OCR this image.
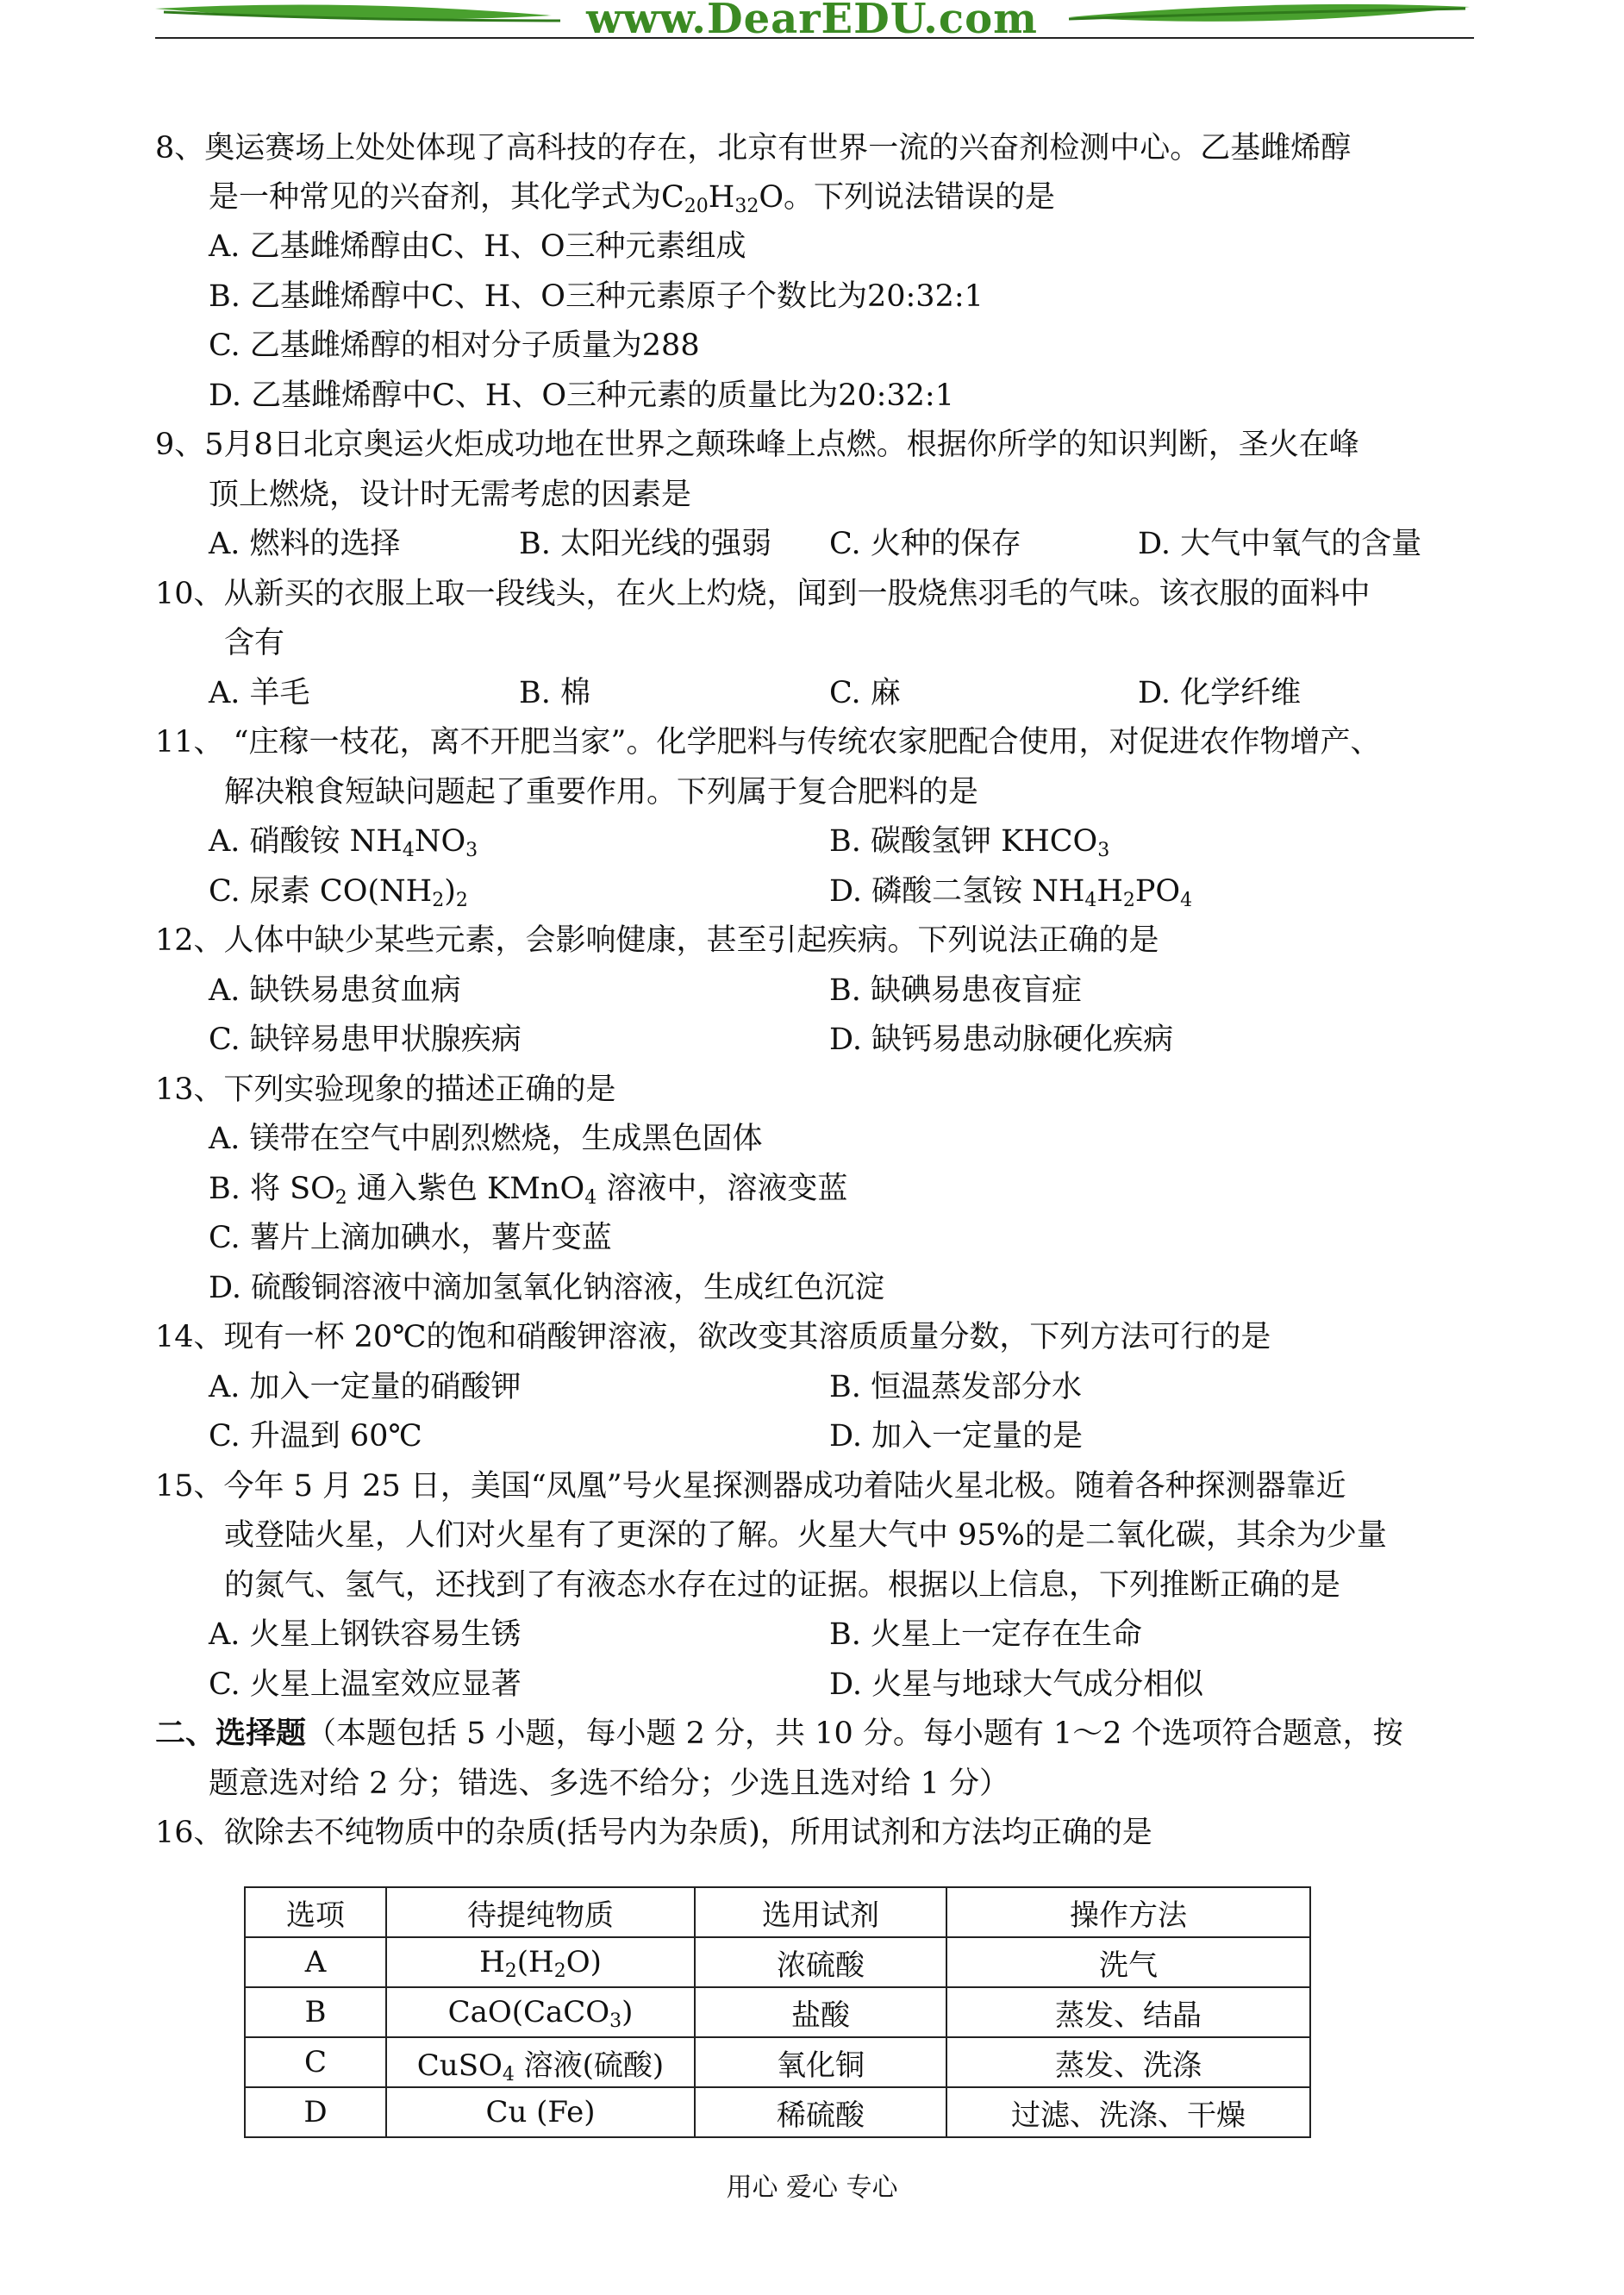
www.DearEDU.com
8、奥运赛场上处处体现了高科技的存在，北京有世界一流的兴奋剂检测中心。乙基雌烯醇
是一种常见的兴奋剂，其化学式为$C_{20}H_{32}O$。下列说法错误的是
A. 乙基雌烯醇由C、H、O三种元素组成
B. 乙基雌烯醇中C、H、O三种元素原子个数比为20:32:1
C. 乙基雌烯醇的相对分子质量为288
D. 乙基雌烯醇中C、H、O三种元素的质量比为20:32:1
9、5月8日北京奥运火炬成功地在世界之颠珠峰上点燃。根据你所学的知识判断，圣火在峰
顶上燃烧，设计时无需考虑的因素是
A. 燃料的选择	B. 太阳光线的强弱 C. 火种的保存	D. 大气中氧气的含量
10、从新买的衣服上取一段线头，在火上灼烧，闻到一股烧焦羽毛的气味。该衣服的面料中
含有
A. 羊毛	B. 棉	C. 麻	D. 化学纤维
11、 “庄稼一枝花，离不开肥当家”。化学肥料与传统农家肥配合使用，对促进农作物增产、
解决粮食短缺问题起了重要作用。下列属于复合肥料的是
A. 硝酸铵 $NH_4NO_3$	B. 碳酸氢钾 $KHCO_3$
C. 尿素 $CO(NH_2)_2$	D. 磷酸二氢铵 $NH_4H_2PO_4$
12、人体中缺少某些元素，会影响健康，甚至引起疾病。下列说法正确的是
A. 缺铁易患贫血病	B. 缺碘易患夜盲症
C. 缺锌易患甲状腺疾病	D. 缺钙易患动脉硬化疾病
13、下列实验现象的描述正确的是
A. 镁带在空气中剧烈燃烧，生成黑色固体
B. 将 $SO_2$ 通入紫色 KMnO$_4$ 溶液中，溶液变蓝
C. 薯片上滴加碘水，薯片变蓝
D. 硫酸铜溶液中滴加氢氧化钠溶液，生成红色沉淀
14、现有一杯 20℃的饱和硝酸钾溶液，欲改变其溶质质量分数，下列方法可行的是
A. 加入一定量的硝酸钾	B. 恒温蒸发部分水
C. 升温到 60℃	D. 加入一定量的是
15、今年 5 月 25 日，美国“凤凰”号火星探测器成功着陆火星北极。随着各种探测器靠近
或登陆火星，人们对火星有了更深的了解。火星大气中 95%的是二氧化碳，其余为少量
的氮气、氢气，还找到了有液态水存在过的证据。根据以上信息，下列推断正确的是
A. 火星上钢铁容易生锈	B. 火星上一定存在生命
C. 火星上温室效应显著	D. 火星与地球大气成分相似
二、选择题（本题包括 5 小题，每小题 2 分，共 10 分。每小题有 1～2 个选项符合题意，按
题意选对给 2 分；错选、多选不给分；少选且选对给 1 分）
16、欲除去不纯物质中的杂质(括号内为杂质)，所用试剂和方法均正确的是
选项	待提纯物质	选用试剂	操作方法
A	$H_2(H_2O)$	浓硫酸	洗气
B	CaO(CaCO$_3$)	盐酸	蒸发、结晶
C	CuSO$_4$ 溶液(硫酸)	氧化铜	蒸发、洗涤
D	Cu (Fe)	稀硫酸	过滤、洗涤、干燥
用心 爱心 专心
